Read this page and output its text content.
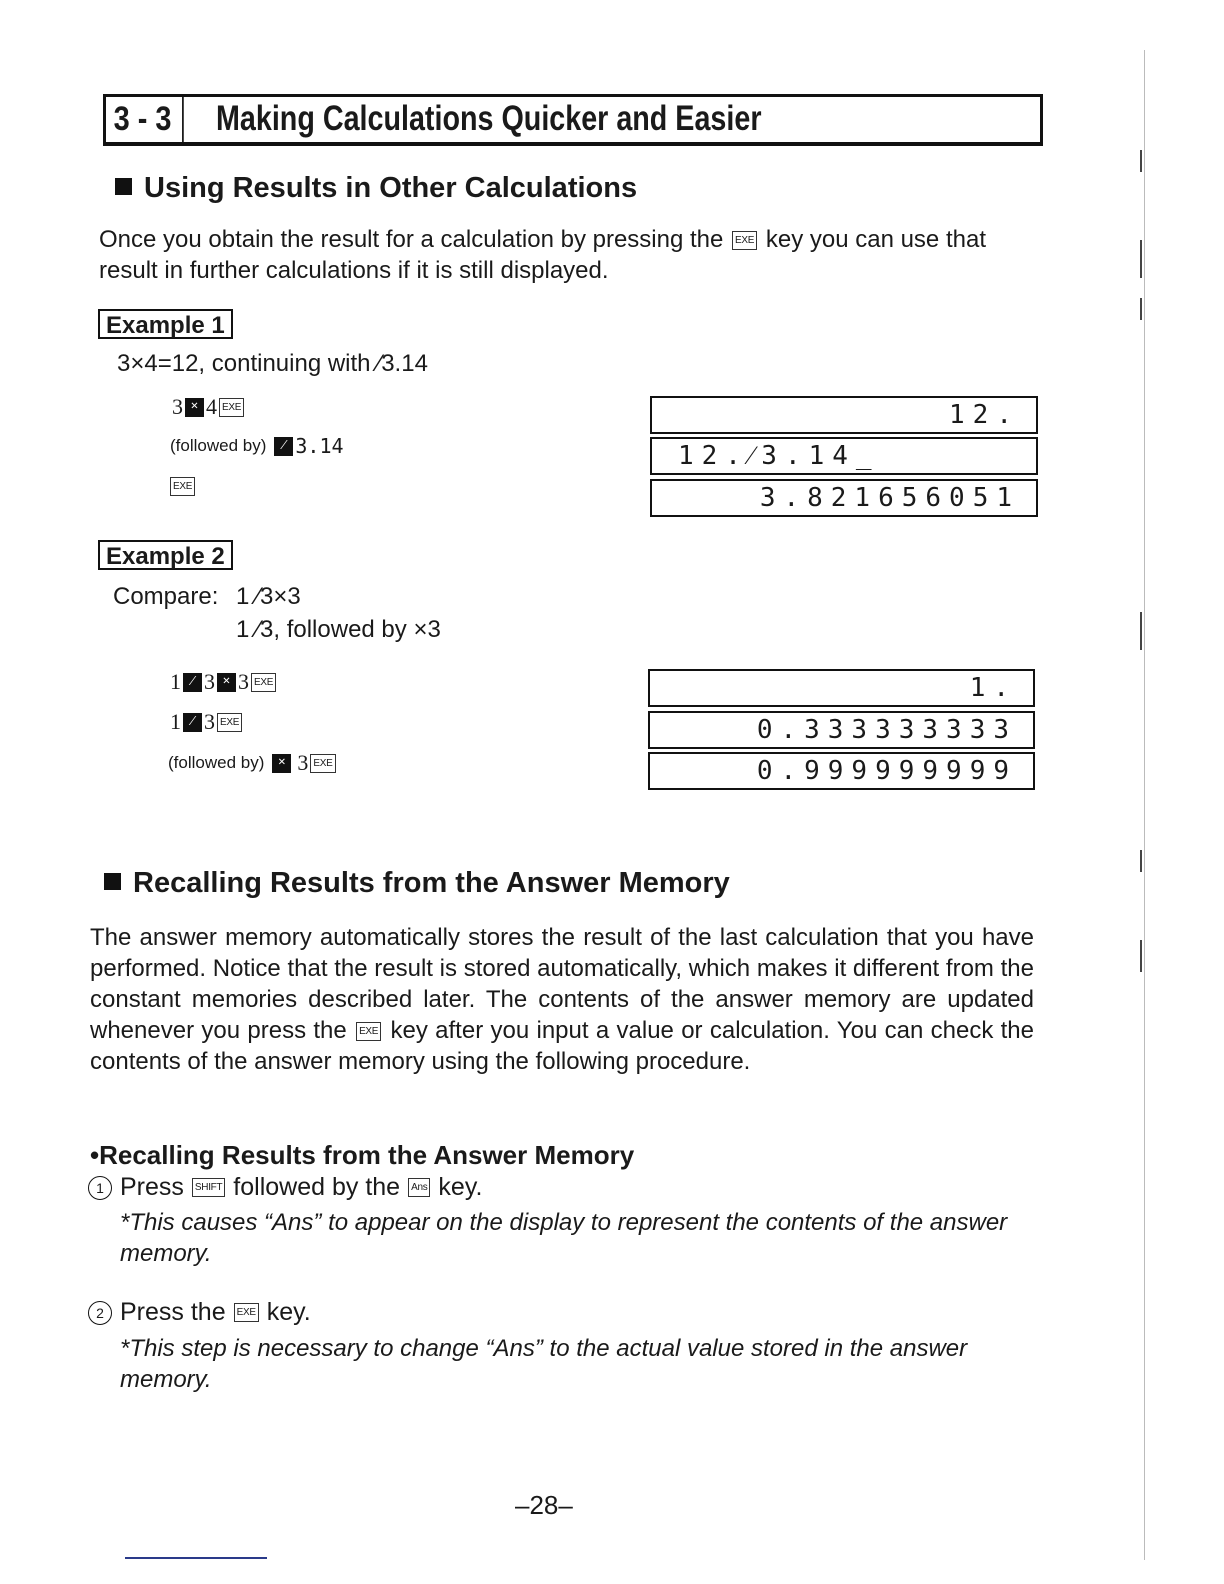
3 - 3	Making Calculations Quicker and Easier
Using Results in Other Calculations

Once you obtain the result for a calculation by pressing the EXE key you can use that result in further calculations if it is still displayed.

Example 1
3×4=12, continuing with ⁄3.14
3 × 4 EXE
(followed by)	⁄ 3.14
EXE
12.
12.⁄3.14_
3.821656051
Example 2
Compare: 1 ⁄3×3
1 ⁄3, followed by ×3
1 ⁄ 3 × 3 EXE
1 ⁄ 3 EXE
(followed by) × 3 EXE
1.
0.333333333
0.999999999
Recalling Results from the Answer Memory

The answer memory automatically stores the result of the last calculation that you have performed. Notice that the result is stored automatically, which makes it different from the constant memories described later. The contents of the answer memory are updated whenever you press the EXE key after you input a value or calculation. You can check the contents of the answer memory using the following procedure.

•Recalling Results from the Answer Memory
1 Press	SHIFT followed by the	Ans key.
*This causes “Ans” to appear on the display to represent the contents of the answer memory.
2 Press the	EXE key.
*This step is necessary to change “Ans” to the actual value stored in the answer memory.
–28–
